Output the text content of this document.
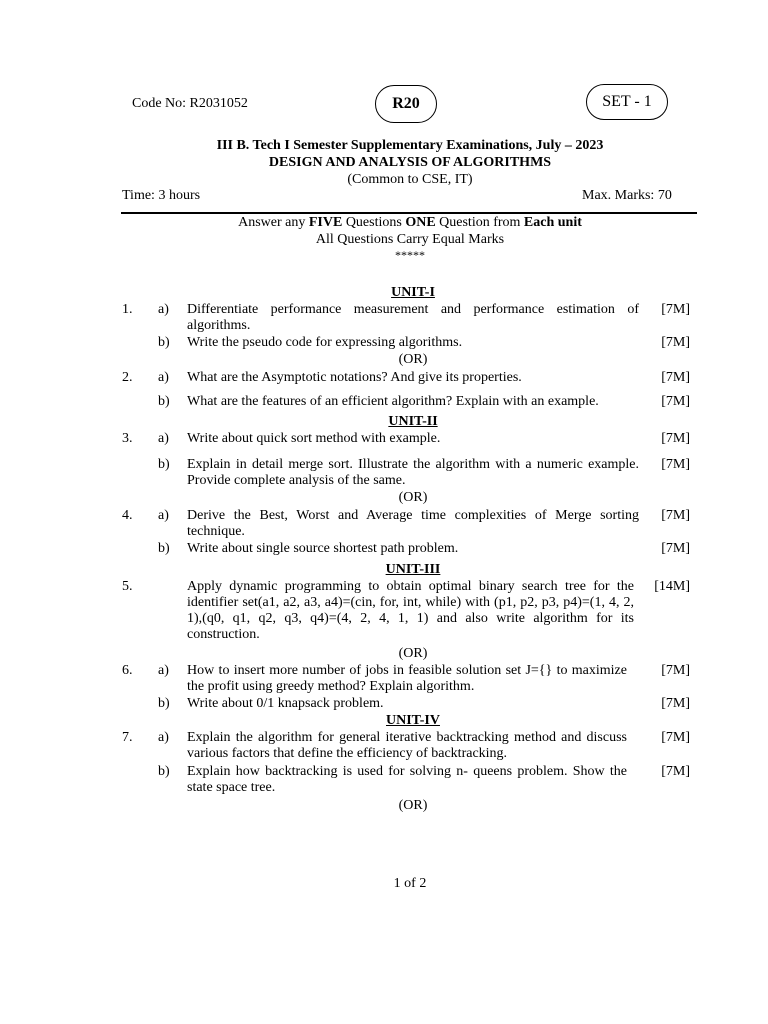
Code No: R2031052	R20	SET - 1
III B. Tech I Semester Supplementary Examinations, July – 2023
DESIGN AND ANALYSIS OF ALGORITHMS
(Common to CSE, IT)
Time: 3 hours	Max. Marks: 70
Answer any FIVE Questions ONE Question from Each unit
All Questions Carry Equal Marks
*****
UNIT-I
1. a) Differentiate performance measurement and performance estimation of algorithms.
[7M]
b) Write the pseudo code for expressing algorithms.	[7M]
(OR)
2. a) What are the Asymptotic notations? And give its properties.	[7M]
b) What are the features of an efficient algorithm? Explain with an example.	[7M]
UNIT-II
3. a) Write about quick sort method with example.	[7M]
b) Explain in detail merge sort. Illustrate the algorithm with a numeric example. Provide complete analysis of the same.
[7M]
(OR)
4. a) Derive the Best, Worst and Average time complexities of Merge sorting technique.
[7M]
b) Write about single source shortest path problem.	[7M]
UNIT-III
5.	Apply dynamic programming to obtain optimal binary search tree for the identifier set(a1, a2, a3, a4)=(cin, for, int, while) with (p1, p2, p3, p4)=(1, 4, 2, 1),(q0, q1, q2, q3, q4)=(4, 2, 4, 1, 1) and also write algorithm for its construction.
[14M]
(OR)
6. a) How to insert more number of jobs in feasible solution set J={} to maximize the profit using greedy method? Explain algorithm.
[7M]
b) Write about 0/1 knapsack problem.	[7M]
UNIT-IV
7. a) Explain the algorithm for general iterative backtracking method and discuss various factors that define the efficiency of backtracking.
[7M]
b) Explain how backtracking is used for solving n- queens problem. Show the state space tree.
[7M]
(OR)
1 of 2
